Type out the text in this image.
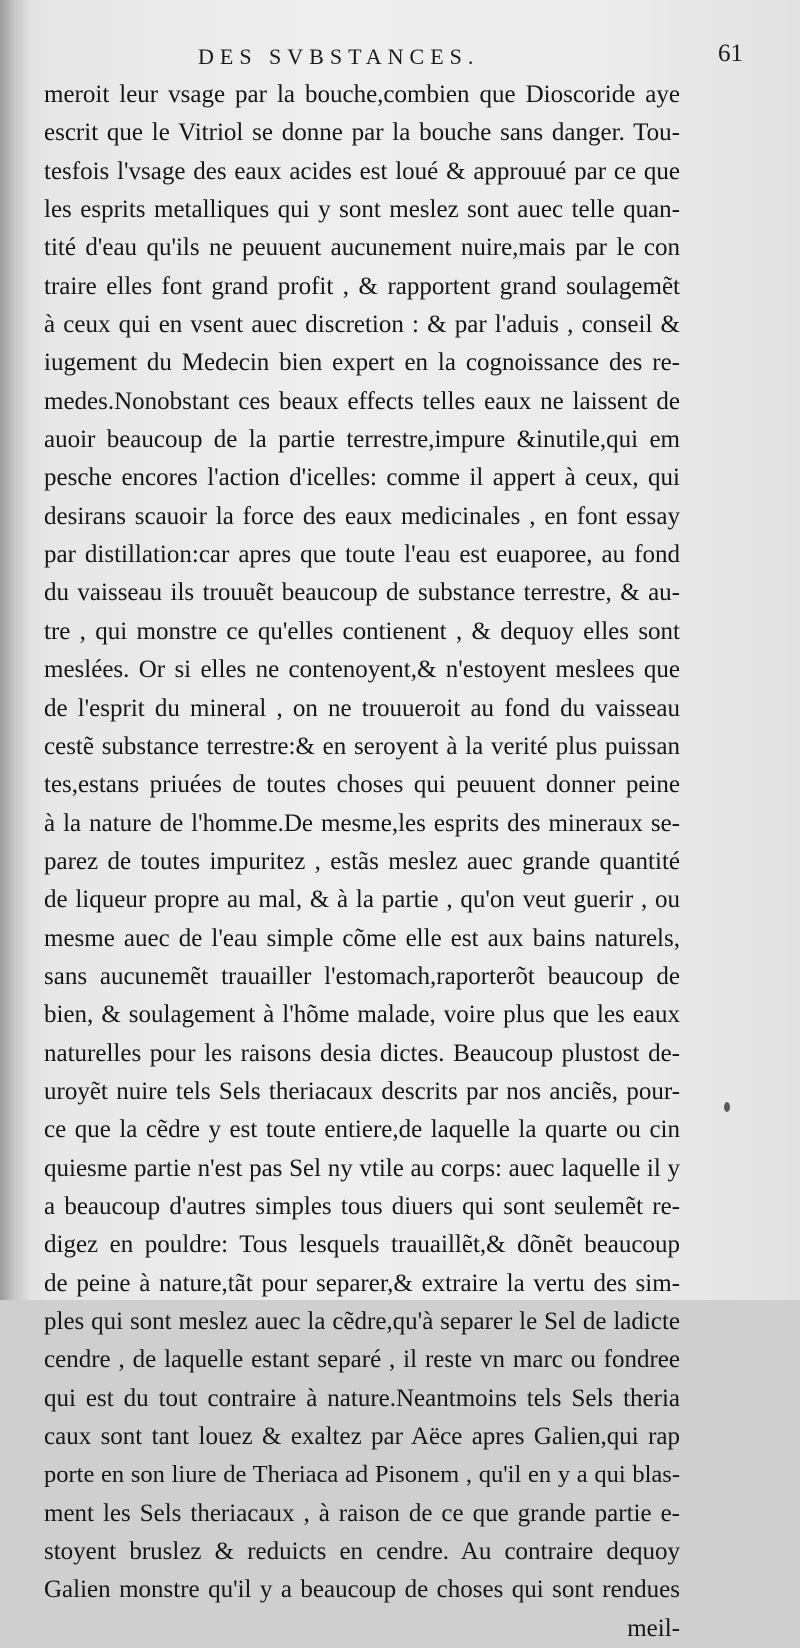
DES SVBSTANCES.	61
meroit leur vsage par la bouche,combien que Dioscoride aye
escrit que le Vitriol se donne par la bouche sans danger. Tou-
tesfois l'vsage des eaux acides est loué & approuué par ce que
les esprits metalliques qui y sont meslez sont auec telle quan-
tité d'eau qu'ils ne peuuent aucunement nuire,mais par le con
traire elles font grand profit , & rapportent grand soulagemẽt
à ceux qui en vsent auec discretion : & par l'aduis , conseil &
iugement du Medecin bien expert en la cognoissance des re-
medes.Nonobstant ces beaux effects telles eaux ne laissent de
auoir beaucoup de la partie terrestre,impure &inutile,qui em
pesche encores l'action d'icelles: comme il appert à ceux, qui
desirans scauoir la force des eaux medicinales , en font essay
par distillation:car apres que toute l'eau est euaporee, au fond
du vaisseau ils trouuẽt beaucoup de substance terrestre, & au-
tre , qui monstre ce qu'elles contienent , & dequoy elles sont
meslées. Or si elles ne contenoyent,& n'estoyent meslees que
de l'esprit du mineral , on ne trouueroit au fond du vaisseau
cestẽ substance terrestre:& en seroyent à la verité plus puissan
tes,estans priuées de toutes choses qui peuuent donner peine
à la nature de l'homme.De mesme,les esprits des mineraux se-
parez de toutes impuritez , estãs meslez auec grande quantité
de liqueur propre au mal, & à la partie , qu'on veut guerir , ou
mesme auec de l'eau simple cõme elle est aux bains naturels,
sans aucunemẽt trauailler l'estomach,raporterõt beaucoup de
bien, & soulagement à l'hõme malade, voire plus que les eaux
naturelles pour les raisons desia dictes. Beaucoup plustost de-
uroyẽt nuire tels Sels theriacaux descrits par nos anciẽs, pour-
ce que la cẽdre y est toute entiere,de laquelle la quarte ou cin
quiesme partie n'est pas Sel ny vtile au corps: auec laquelle il y
a beaucoup d'autres simples tous diuers qui sont seulemẽt re-
digez en pouldre: Tous lesquels trauaillẽt,& dõnẽt beaucoup
de peine à nature,tãt pour separer,& extraire la vertu des sim-
ples qui sont meslez auec la cẽdre,qu'à separer le Sel de ladicte
cendre , de laquelle estant separé , il reste vn marc ou fondree
qui est du tout contraire à nature.Neantmoins tels Sels theria
caux sont tant louez & exaltez par Aëce apres Galien,qui rap
porte en son liure de Theriaca ad Pisonem , qu'il en y a qui blas-
ment les Sels theriacaux , à raison de ce que grande partie e-
stoyent bruslez & reduicts en cendre. Au contraire dequoy
Galien monstre qu'il y a beaucoup de choses qui sont rendues
meil-
